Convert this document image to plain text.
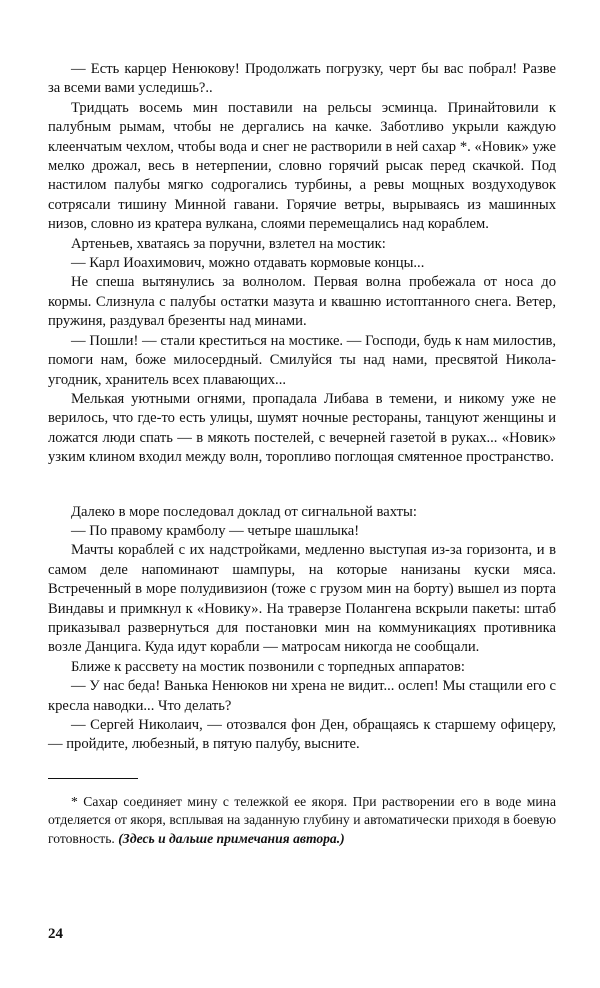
— Есть карцер Ненюкову! Продолжать погрузку, черт бы вас побрал! Разве за всеми вами уследишь?..

Тридцать восемь мин поставили на рельсы эсминца. Принайтовили к палубным рымам, чтобы не дергались на качке. Заботливо укрыли каждую клеенчатым чехлом, чтобы вода и снег не растворили в ней сахар *. «Новик» уже мелко дрожал, весь в нетерпении, словно горячий рысак перед скачкой. Под настилом палубы мягко содрогались турбины, а ревы мощных воздуходувок сотрясали тишину Минной гавани. Горячие ветры, вырываясь из машинных низов, словно из кратера вулкана, слоями перемещались над кораблем.

Артеньев, хватаясь за поручни, взлетел на мостик:

— Карл Иоахимович, можно отдавать кормовые концы...

Не спеша вытянулись за волнолом. Первая волна пробежала от носа до кормы. Слизнула с палубы остатки мазута и квашню истоптанного снега. Ветер, пружиня, раздувал брезенты над минами.

— Пошли! — стали креститься на мостике. — Господи, будь к нам милостив, помоги нам, боже милосердный. Смилуйся ты над нами, пресвятой Никола-угодник, хранитель всех плавающих...

Мелькая уютными огнями, пропадала Либава в темени, и никому уже не верилось, что где-то есть улицы, шумят ночные рестораны, танцуют женщины и ложатся люди спать — в мякоть постелей, с вечерней газетой в руках... «Новик» узким клином входил между волн, торопливо поглощая смятенное пространство.

Далеко в море последовал доклад от сигнальной вахты:

— По правому крамболу — четыре шашлыка!

Мачты кораблей с их надстройками, медленно выступая из-за горизонта, и в самом деле напоминают шампуры, на которые нанизаны куски мяса. Встреченный в море полудивизион (тоже с грузом мин на борту) вышел из порта Виндавы и примкнул к «Новику». На траверзе Полангена вскрыли пакеты: штаб приказывал развернуться для постановки мин на коммуникациях противника возле Данцига. Куда идут корабли — матросам никогда не сообщали.

Ближе к рассвету на мостик позвонили с торпедных аппаратов:

— У нас беда! Ванька Ненюков ни хрена не видит... ослеп! Мы стащили его с кресла наводки... Что делать?

— Сергей Николаич, — отозвался фон Ден, обращаясь к старшему офицеру, — пройдите, любезный, в пятую палубу, высните.

* Сахар соединяет мину с тележкой ее якоря. При растворении его в воде мина отделяется от якоря, всплывая на заданную глубину и автоматически приходя в боевую готовность. (Здесь и дальше примечания автора.)

24
